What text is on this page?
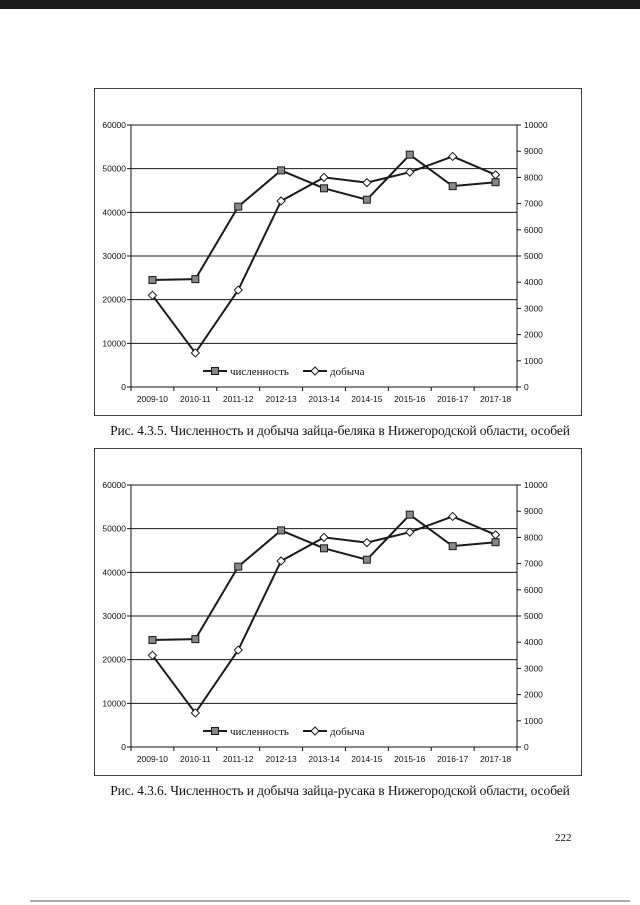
0
10000
20000
30000
40000
50000
60000
0
1000
2000
3000
4000
5000
6000
7000
8000
9000
10000
2009-10 2010-11 2011-12 2012-13 2013-14 2014-15 2015-16 2016-17 2017-18
численность	добыча
Рис. 4.3.5. Численность и добыча зайца-беляка в Нижегородской области, особей
0
10000
20000
30000
40000
50000
60000
0
1000
2000
3000
4000
5000
6000
7000
8000
9000
10000
2009-10 2010-11 2011-12 2012-13 2013-14 2014-15 2015-16 2016-17 2017-18
численность	добыча
Рис. 4.3.6. Численность и добыча зайца-русака в Нижегородской области, особей
222
